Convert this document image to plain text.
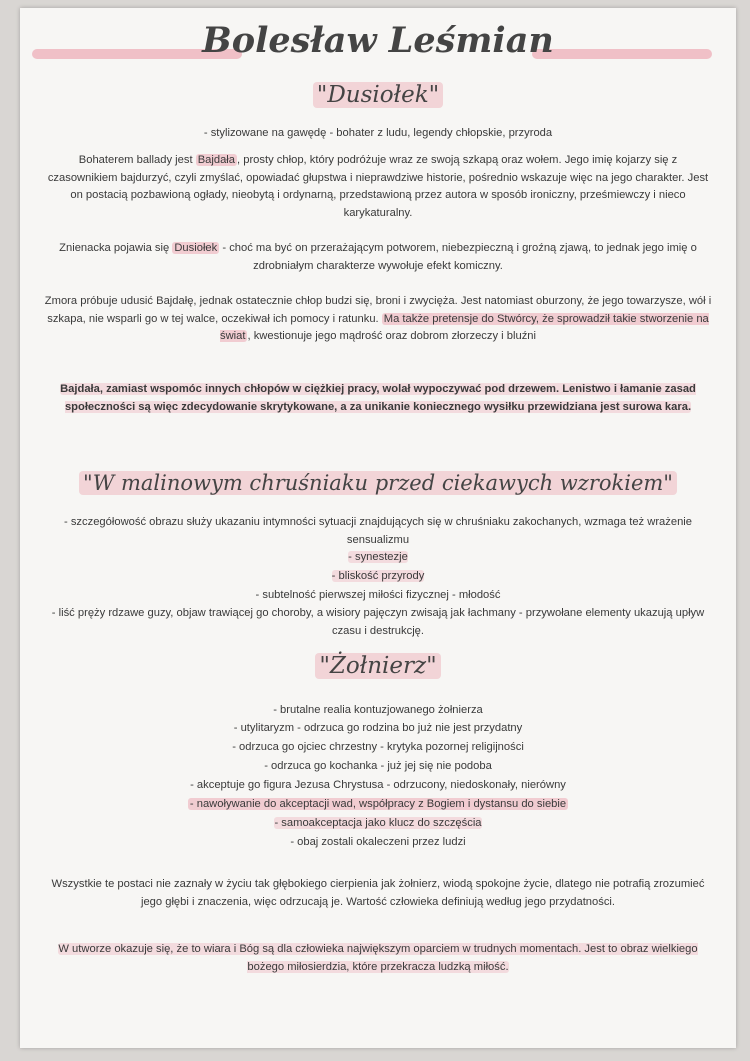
Bolesław Leśmian
"Dusiołek"
- stylizowane na gawędę - bohater z ludu, legendy chłopskie, przyroda
Bohaterem ballady jest Bajdała , prosty chłop, który podróżuje wraz ze swoją szkapą oraz wołem. Jego imię kojarzy się z czasownikiem bajdurzyć, czyli zmyślać, opowiadać głupstwa i nieprawdziwe historie, pośrednio wskazuje więc na jego charakter. Jest on postacią pozbawioną ogłady, nieobytą i ordynarną, przedstawioną przez autora w sposób ironiczny, prześmiewczy i nieco karykaturalny.
Znienacka pojawia się Dusiołek - choć ma być on przerażającym potworem, niebezpieczną i groźną zjawą, to jednak jego imię o zdrobniałym charakterze wywołuje efekt komiczny.
Zmora próbuje udusić Bajdałę, jednak ostatecznie chłop budzi się, broni i zwycięża. Jest natomiast oburzony, że jego towarzysze, wół i szkapa, nie wsparli go w tej walce, oczekiwał ich pomocy i ratunku. Ma także pretensje do Stwórcy, że sprowadził takie stworzenie na świat , kwestionuje jego mądrość oraz dobrom złorzeczy i bluźni
Bajdała, zamiast wspomóc innych chłopów w ciężkiej pracy, wolał wypoczywać pod drzewem. Lenistwo i łamanie zasad społeczności są więc zdecydowanie skrytykowane, a za unikanie koniecznego wysiłku przewidziana jest surowa kara.
"W malinowym chruśniaku przed ciekawych wzrokiem"
- szczegółowość obrazu służy ukazaniu intymności sytuacji znajdujących się w chruśniaku zakochanych, wzmaga też wrażenie sensualizmu
- synestezje
- bliskość przyrody
- subtelność pierwszej miłości fizycznej - młodość
- liść pręży rdzawe guzy, objaw trawiącej go choroby, a wisiory pajęczyn zwisają jak łachmany - przywołane elementy ukazują upływ czasu i destrukcję.
"Żołnierz"
- brutalne realia kontuzjowanego żołnierza
- utylitaryzm - odrzuca go rodzina bo już nie jest przydatny
- odrzuca go ojciec chrzestny - krytyka pozornej religijności
- odrzuca go kochanka - już jej się nie podoba
- akceptuje go figura Jezusa Chrystusa - odrzucony, niedoskonały, nierówny
- nawoływanie do akceptacji wad, współpracy z Bogiem i dystansu do siebie
- samoakceptacja jako klucz do szczęścia
- obaj zostali okaleczeni przez ludzi
Wszystkie te postaci nie zaznały w życiu tak głębokiego cierpienia jak żołnierz, wiodą spokojne życie, dlatego nie potrafią zrozumieć jego głębi i znaczenia, więc odrzucają je. Wartość człowieka definiują według jego przydatności.
W utworze okazuje się, że to wiara i Bóg są dla człowieka największym oparciem w trudnych momentach. Jest to obraz wielkiego bożego miłosierdzia, które przekracza ludzką miłość.
